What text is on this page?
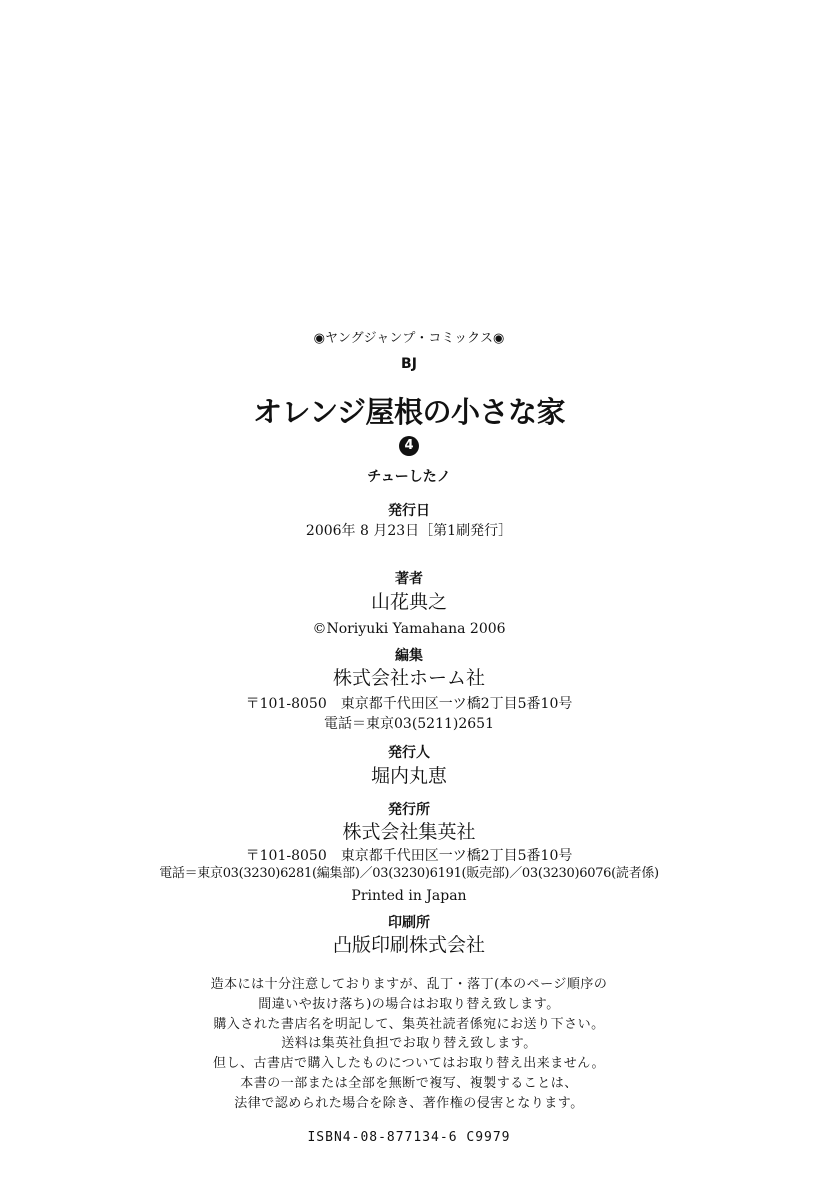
◉ヤングジャンプ・コミックス◉
BJ
オレンジ屋根の小さな家
4
チューしたノ
発行日
2006年 8 月23日［第1刷発行］
著者
山花典之
©Noriyuki Yamahana 2006
編集
株式会社ホーム社
〒101-8050　東京都千代田区一ツ橋2丁目5番10号
電話＝東京03(5211)2651
発行人
堀内丸恵
発行所
株式会社集英社
〒101-8050　東京都千代田区一ツ橋2丁目5番10号
電話＝東京03(3230)6281(編集部)／03(3230)6191(販売部)／03(3230)6076(読者係)
Printed in Japan
印刷所
凸版印刷株式会社
造本には十分注意しておりますが、乱丁・落丁(本のページ順序の
間違いや抜け落ち)の場合はお取り替え致します。
購入された書店名を明記して、集英社読者係宛にお送り下さい。
送料は集英社負担でお取り替え致します。
但し、古書店で購入したものについてはお取り替え出来ません。
本書の一部または全部を無断で複写、複製することは、
法律で認められた場合を除き、著作権の侵害となります。
ISBN4-08-877134-6 C9979
